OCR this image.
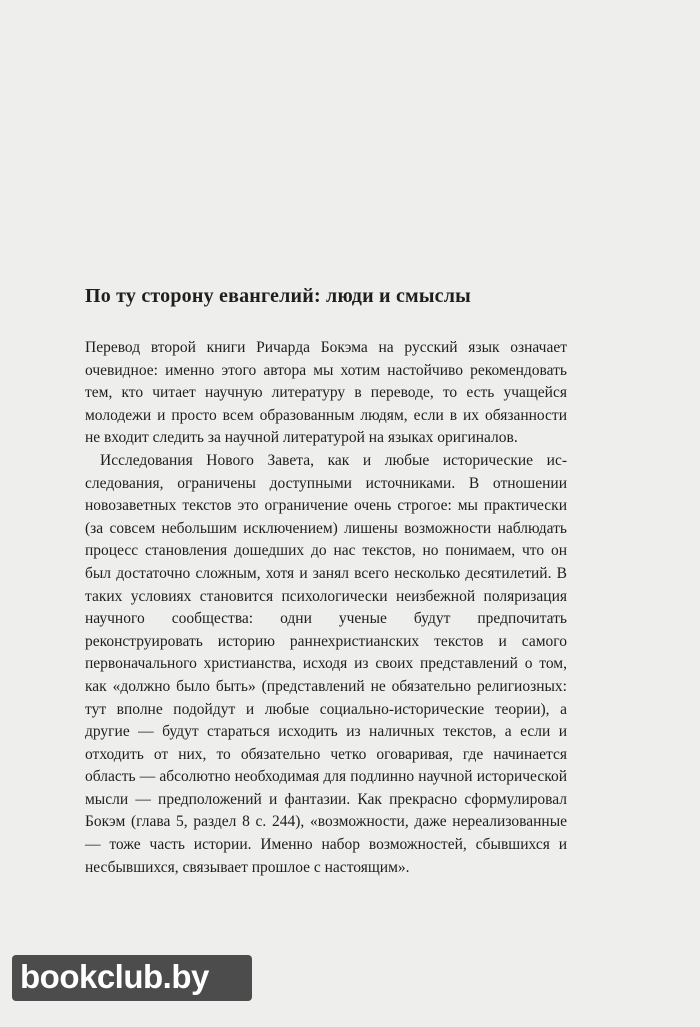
По ту сторону евангелий: люди и смыслы

Перевод второй книги Ричарда Бокэма на русский язык означает очевидное: именно этого автора мы хотим настойчиво рекомендовать тем, кто читает научную литературу в переводе, то есть учащейся молодежи и просто всем образованным людям, если в их обязанности не входит следить за научной литературой на языках оригиналов.

Исследования Нового Завета, как и любые исторические исследования, ограничены доступными источниками. В отношении новозаветных текстов это ограничение очень строгое: мы практически (за совсем небольшим исключением) лишены возможности наблюдать процесс становления дошедших до нас текстов, но понимаем, что он был достаточно сложным, хотя и занял всего несколько десятилетий. В таких условиях становится психологически неизбежной поляризация научного сообщества: одни ученые будут предпочитать реконструировать историю раннехристианских текстов и самого первоначального христианства, исходя из своих представлений о том, как «должно было быть» (представлений не обязательно религиозных: тут вполне подойдут и любые социально-исторические теории), а другие — будут стараться исходить из наличных текстов, а если и отходить от них, то обязательно четко оговаривая, где начинается область — абсолютно необходимая для подлинно научной исторической мысли — предположений и фантазии. Как прекрасно сформулировал Бокэм (глава 5, раздел 8 с. 244), «возможности, даже нереализованные — тоже часть истории. Именно набор возможностей, сбывшихся и несбывшихся, связывает прошлое с настоящим».

bookclub.by
